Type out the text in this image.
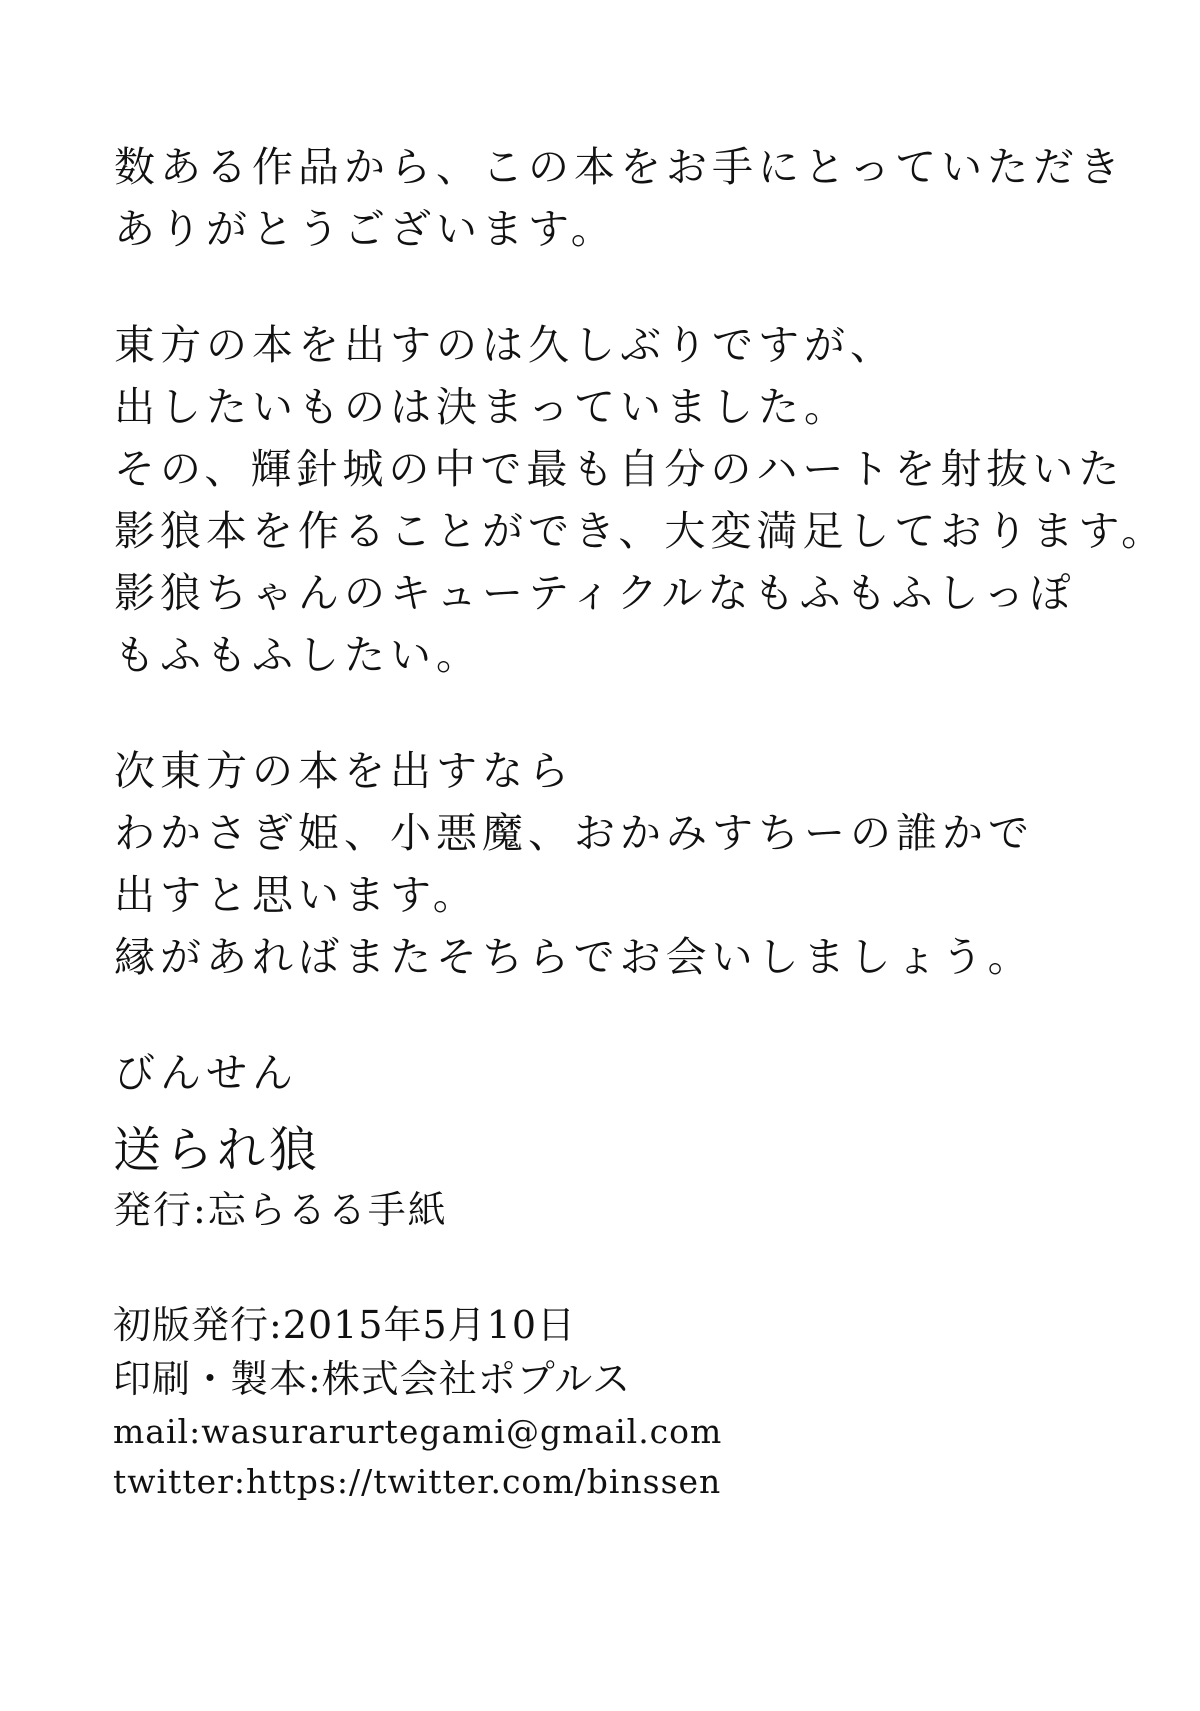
数ある作品から、この本をお手にとっていただき
ありがとうございます。
東方の本を出すのは久しぶりですが、
出したいものは決まっていました。
その、輝針城の中で最も自分のハートを射抜いた
影狼本を作ることができ、大変満足しております。
影狼ちゃんのキューティクルなもふもふしっぽ
もふもふしたい。
次東方の本を出すなら
わかさぎ姫、小悪魔、おかみすちーの誰かで
出すと思います。
縁があればまたそちらでお会いしましょう。
びんせん
送られ狼
発行:忘らるる手紙
初版発行:2015年5月10日
印刷・製本:株式会社ポプルス
mail:wasurarurtegami@gmail.com
twitter:https://twitter.com/binssen
